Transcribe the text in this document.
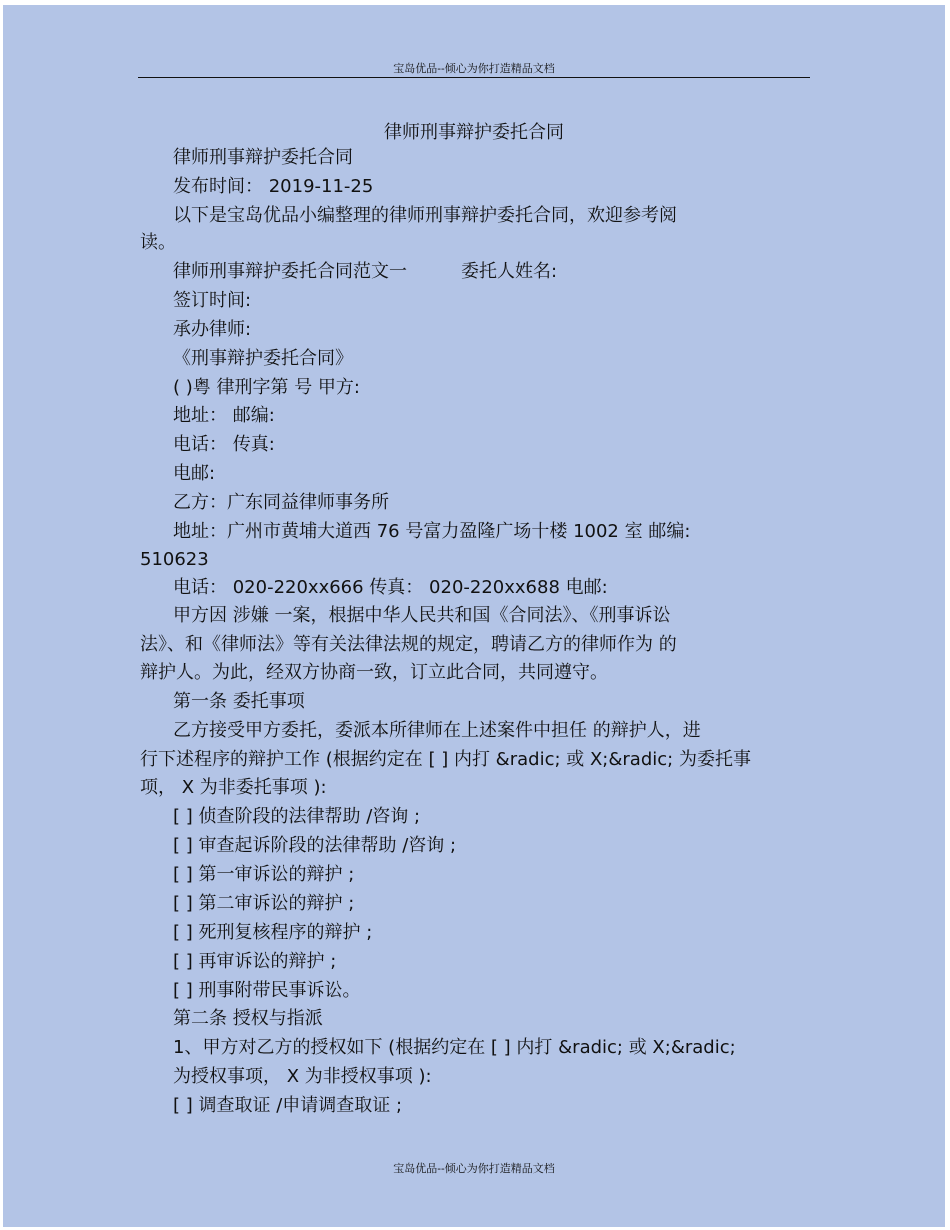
宝岛优品--倾心为你打造精品文档
律师刑事辩护委托合同
律师刑事辩护委托合同
发布时间： 2019-11-25
以下是宝岛优品小编整理的律师刑事辩护委托合同，欢迎参考阅
读。
律师刑事辩护委托合同范文一　　　委托人姓名:
签订时间:
承办律师:
《刑事辩护委托合同》
( )粤 律刑字第 号 甲方:
地址： 邮编:
电话： 传真:
电邮:
乙方：广东同益律师事务所
地址：广州市黄埔大道西 76 号富力盈隆广场十楼 1002 室 邮编:
510623
电话： 020-220xx666 传真： 020-220xx688 电邮:
甲方因 涉嫌 一案，根据中华人民共和国《合同法》、《刑事诉讼
法》、和《律师法》等有关法律法规的规定，聘请乙方的律师作为 的
辩护人。为此，经双方协商一致，订立此合同，共同遵守。
第一条 委托事项
乙方接受甲方委托，委派本所律师在上述案件中担任 的辩护人，进
行下述程序的辩护工作 (根据约定在 [ ] 内打 &radic; 或 X;&radic; 为委托事
项， X 为非委托事项 ):
[ ] 侦查阶段的法律帮助 /咨询 ;
[ ] 审查起诉阶段的法律帮助 /咨询 ;
[ ] 第一审诉讼的辩护 ;
[ ] 第二审诉讼的辩护 ;
[ ] 死刑复核程序的辩护 ;
[ ] 再审诉讼的辩护 ;
[ ] 刑事附带民事诉讼。
第二条 授权与指派
1、甲方对乙方的授权如下 (根据约定在 [ ] 内打 &radic; 或 X;&radic;
为授权事项， X 为非授权事项 ):
[ ] 调查取证 /申请调查取证 ;
宝岛优品--倾心为你打造精品文档
